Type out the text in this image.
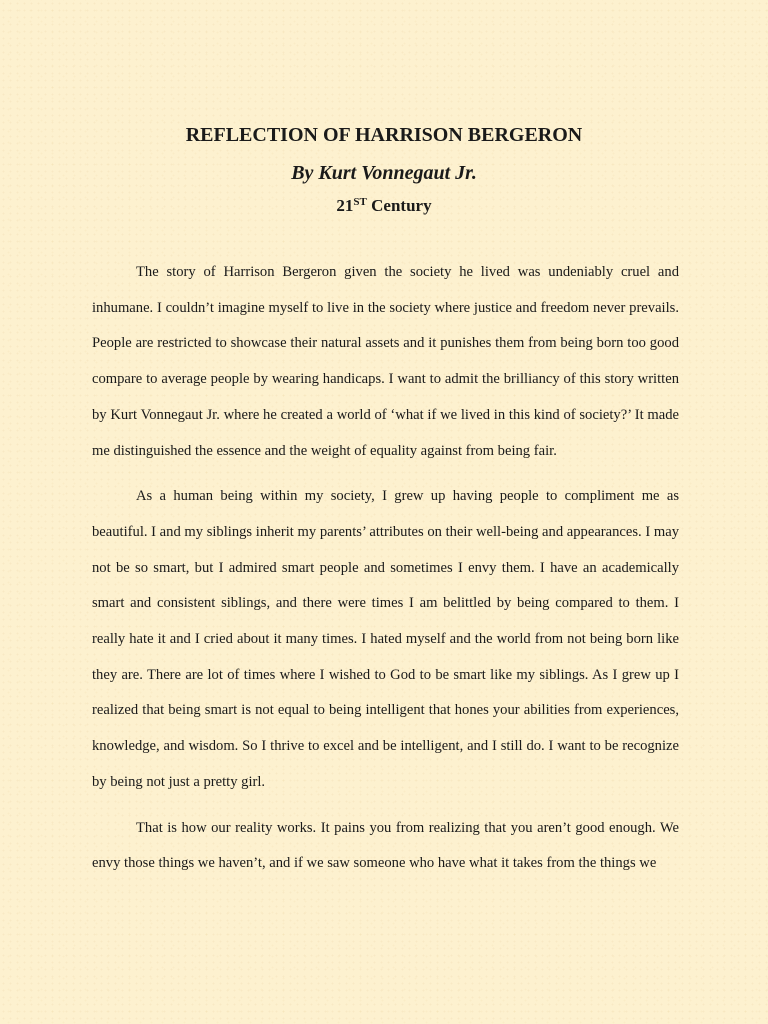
REFLECTION OF HARRISON BERGERON
By Kurt Vonnegaut Jr.
21ST Century

The story of Harrison Bergeron given the society he lived was undeniably cruel and inhumane. I couldn’t imagine myself to live in the society where justice and freedom never prevails. People are restricted to showcase their natural assets and it punishes them from being born too good compare to average people by wearing handicaps. I want to admit the brilliancy of this story written by Kurt Vonnegaut Jr. where he created a world of ‘what if we lived in this kind of society?’ It made me distinguished the essence and the weight of equality against from being fair.

As a human being within my society, I grew up having people to compliment me as beautiful. I and my siblings inherit my parents’ attributes on their well-being and appearances. I may not be so smart, but I admired smart people and sometimes I envy them. I have an academically smart and consistent siblings, and there were times I am belittled by being compared to them. I really hate it and I cried about it many times. I hated myself and the world from not being born like they are. There are lot of times where I wished to God to be smart like my siblings. As I grew up I realized that being smart is not equal to being intelligent that hones your abilities from experiences, knowledge, and wisdom. So I thrive to excel and be intelligent, and I still do. I want to be recognize by being not just a pretty girl.

That is how our reality works. It pains you from realizing that you aren’t good enough. We envy those things we haven’t, and if we saw someone who have what it takes from the things we
